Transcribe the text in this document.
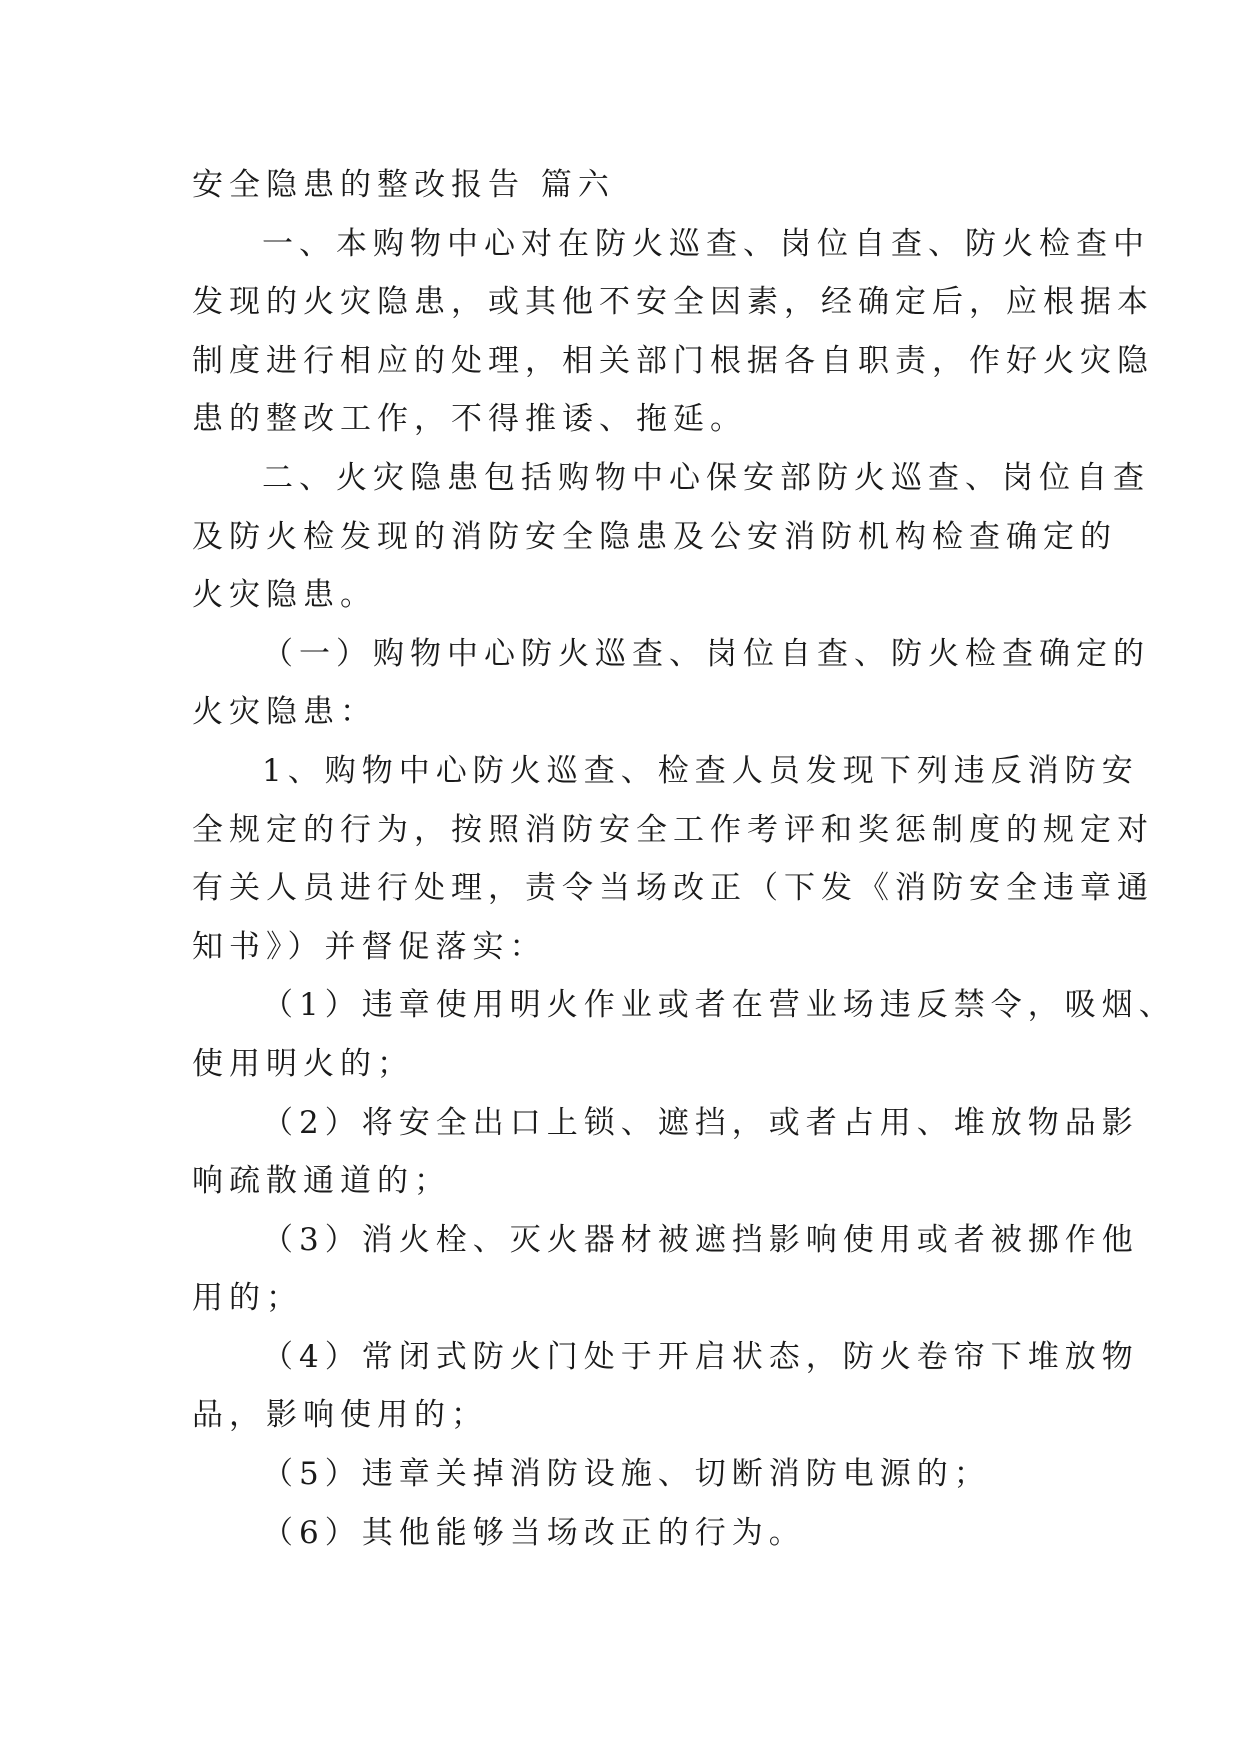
安全隐患的整改报告 篇六
一、本购物中心对在防火巡查、岗位自查、防火检查中
发现的火灾隐患，或其他不安全因素，经确定后，应根据本
制度进行相应的处理，相关部门根据各自职责，作好火灾隐
患的整改工作，不得推诿、拖延。
二、火灾隐患包括购物中心保安部防火巡查、岗位自查
及防火检发现的消防安全隐患及公安消防机构检查确定的
火灾隐患。
（一）购物中心防火巡查、岗位自查、防火检查确定的
火灾隐患：
1、购物中心防火巡查、检查人员发现下列违反消防安
全规定的行为，按照消防安全工作考评和奖惩制度的规定对
有关人员进行处理，责令当场改正（下发《消防安全违章通
知书》）并督促落实：
（1）违章使用明火作业或者在营业场违反禁令，吸烟、
使用明火的；
（2）将安全出口上锁、遮挡，或者占用、堆放物品影
响疏散通道的；
（3）消火栓、灭火器材被遮挡影响使用或者被挪作他
用的；
（4）常闭式防火门处于开启状态，防火卷帘下堆放物
品，影响使用的；
（5）违章关掉消防设施、切断消防电源的；
（6）其他能够当场改正的行为。
